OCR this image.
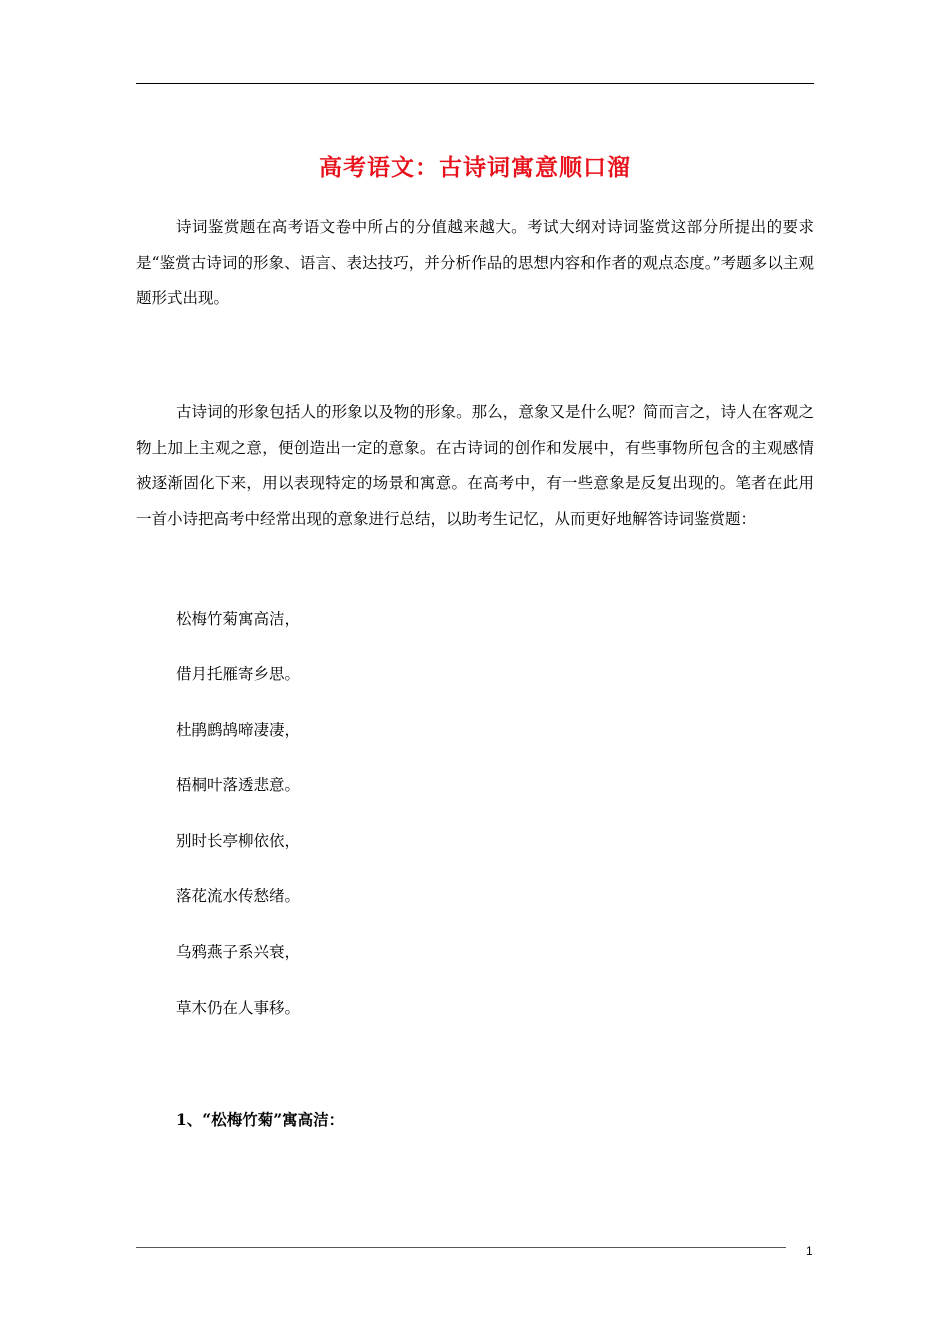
高考语文：古诗词寓意顺口溜

诗词鉴赏题在高考语文卷中所占的分值越来越大。考试大纲对诗词鉴赏这部分所提出的要求是“鉴赏古诗词的形象、语言、表达技巧，并分析作品的思想内容和作者的观点态度。”考题多以主观题形式出现。

古诗词的形象包括人的形象以及物的形象。那么，意象又是什么呢？简而言之，诗人在客观之物上加上主观之意，便创造出一定的意象。在古诗词的创作和发展中，有些事物所包含的主观感情被逐渐固化下来，用以表现特定的场景和寓意。在高考中，有一些意象是反复出现的。笔者在此用一首小诗把高考中经常出现的意象进行总结，以助考生记忆，从而更好地解答诗词鉴赏题：

松梅竹菊寓高洁，

借月托雁寄乡思。

杜鹃鹧鸪啼凄凄，

梧桐叶落透悲意。

别时长亭柳依依，

落花流水传愁绪。

乌鸦燕子系兴衰，

草木仍在人事移。

1、“松梅竹菊”寓高洁：

1
